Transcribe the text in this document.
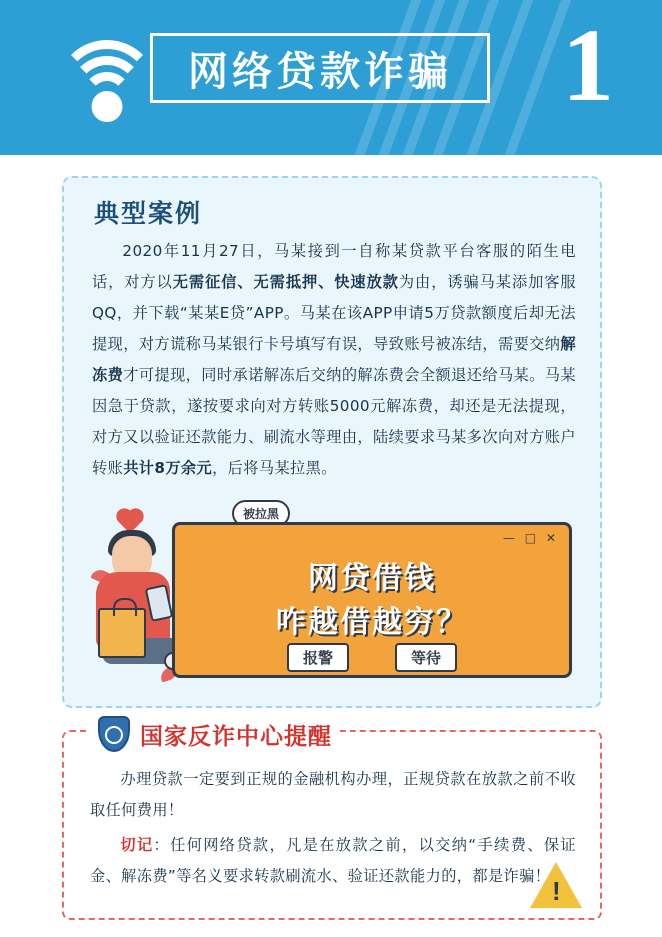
网络贷款诈骗 1
典型案例
2020年11月27日，马某接到一自称某贷款平台客服的陌生电话，对方以无需征信、无需抵押、快速放款为由，诱骗马某添加客服QQ，并下载“某某E贷”APP。马某在该APP申请5万贷款额度后却无法提现，对方谎称马某银行卡号填写有误，导致账号被冻结，需要交纳解冻费才可提现，同时承诺解冻后交纳的解冻费会全额退还给马某。马某因急于贷款，遂按要求向对方转账5000元解冻费，却还是无法提现，对方又以验证还款能力、刷流水等理由，陆续要求马某多次向对方账户转账共计8万余元，后将马某拉黑。
被拉黑
— □ ✕
网贷借钱
咋越借越穷？
报警	等待
国家反诈中心提醒

办理贷款一定要到正规的金融机构办理，正规贷款在放款之前不收取任何费用！

切记：任何网络贷款，凡是在放款之前，以交纳“手续费、保证金、解冻费”等名义要求转款刷流水、验证还款能力的，都是诈骗！

!
